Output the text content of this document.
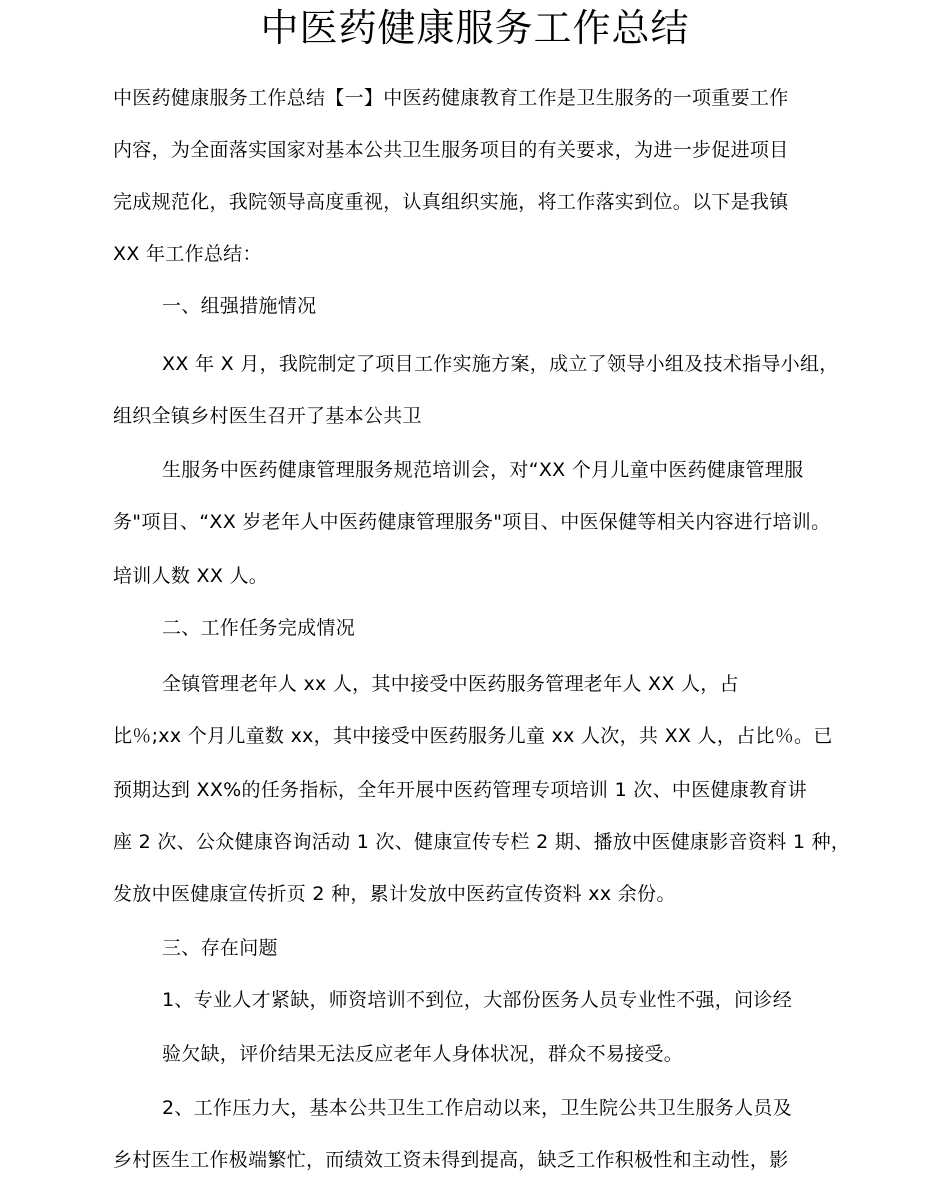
中医药健康服务工作总结
中医药健康服务工作总结【一】中医药健康教育工作是卫生服务的一项重要工作
内容，为全面落实国家对基本公共卫生服务项目的有关要求，为进一步促进项目
完成规范化，我院领导高度重视，认真组织实施，将工作落实到位。以下是我镇
XX 年工作总结：
一、组强措施情况
XX 年 X 月，我院制定了项目工作实施方案，成立了领导小组及技术指导小组，
组织全镇乡村医生召开了基本公共卫
生服务中医药健康管理服务规范培训会，对“XX 个月儿童中医药健康管理服
务"项目、“XX 岁老年人中医药健康管理服务"项目、中医保健等相关内容进行培训。
培训人数 XX 人。
二、工作任务完成情况
全镇管理老年人 xx 人，其中接受中医药服务管理老年人 XX 人，占
比％;xx 个月儿童数 xx，其中接受中医药服务儿童 xx 人次，共 XX 人，占比％。已
预期达到 XX%的任务指标，全年开展中医药管理专项培训 1 次、中医健康教育讲
座 2 次、公众健康咨询活动 1 次、健康宣传专栏 2 期、播放中医健康影音资料 1 种，
发放中医健康宣传折页 2 种，累计发放中医药宣传资料 xx 余份。
三、存在问题
1、专业人才紧缺，师资培训不到位，大部份医务人员专业性不强，问诊经
验欠缺，评价结果无法反应老年人身体状况，群众不易接受。
2、工作压力大，基本公共卫生工作启动以来，卫生院公共卫生服务人员及
乡村医生工作极端繁忙，而绩效工资未得到提高，缺乏工作积极性和主动性，影
